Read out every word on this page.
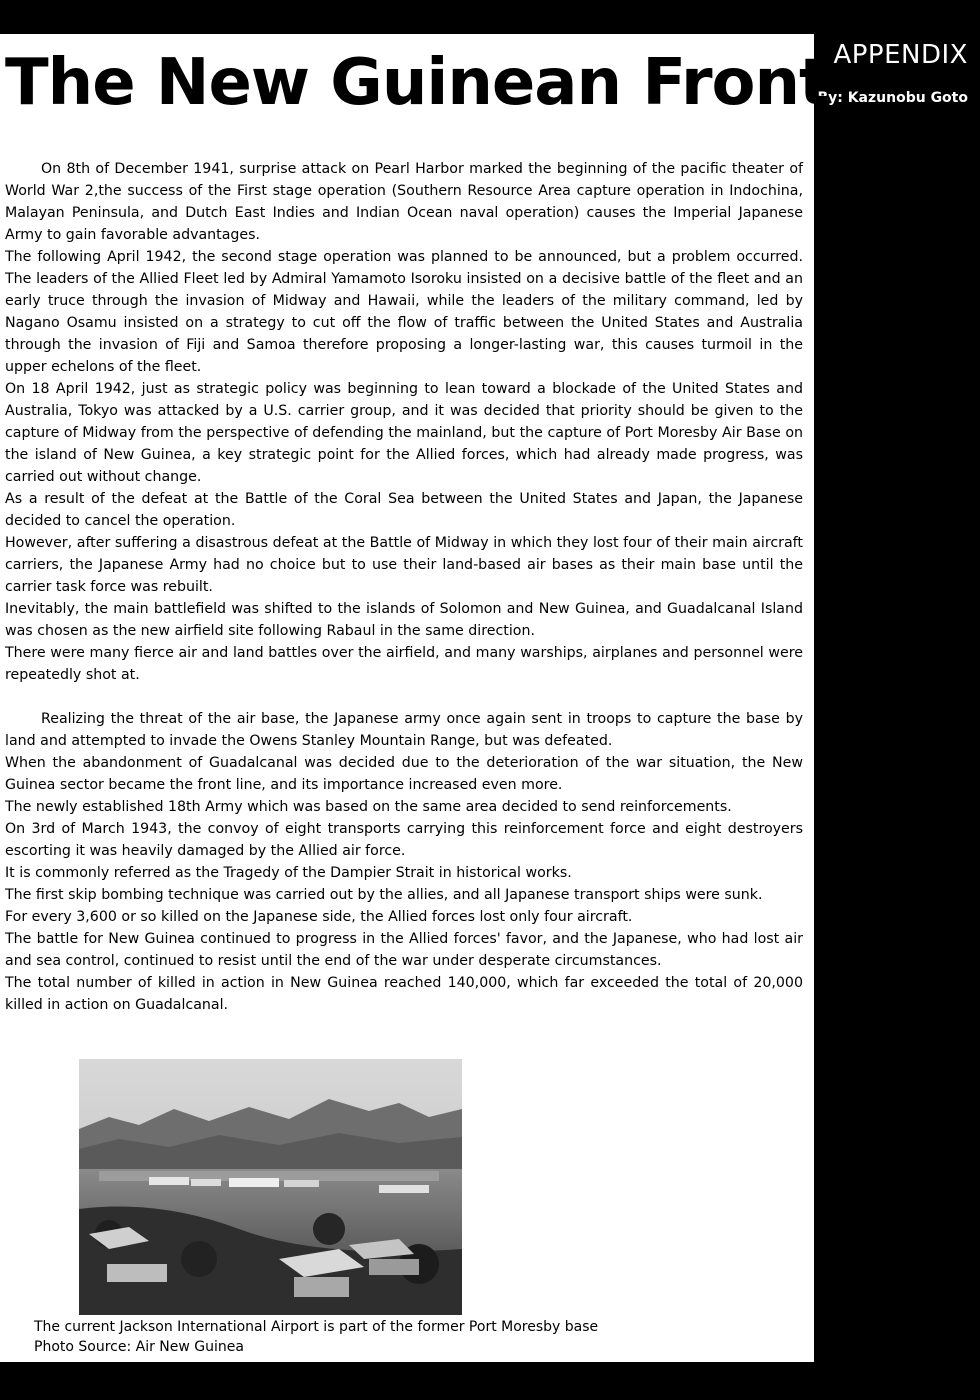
APPENDIX
By: Kazunobu Goto
The New Guinean Front

On 8th of December 1941, surprise attack on Pearl Harbor marked the beginning of the pacific theater of World War 2,the success of the First stage operation (Southern Resource Area capture operation in Indochina, Malayan Peninsula, and Dutch East Indies and Indian Ocean naval operation) causes the Imperial Japanese Army to gain favorable advantages.

The following April 1942, the second stage operation was planned to be announced, but a problem occurred. The leaders of the Allied Fleet led by Admiral Yamamoto Isoroku insisted on a decisive battle of the fleet and an early truce through the invasion of Midway and Hawaii, while the leaders of the military command, led by Nagano Osamu insisted on a strategy to cut off the flow of traffic between the United States and Australia through the invasion of Fiji and Samoa therefore proposing a longer-lasting war, this causes turmoil in the upper echelons of the fleet.

On 18 April 1942, just as strategic policy was beginning to lean toward a blockade of the United States and Australia, Tokyo was attacked by a U.S. carrier group, and it was decided that priority should be given to the capture of Midway from the perspective of defending the mainland, but the capture of Port Moresby Air Base on the island of New Guinea, a key strategic point for the Allied forces, which had already made progress, was carried out without change.

As a result of the defeat at the Battle of the Coral Sea between the United States and Japan, the Japanese decided to cancel the operation.

However, after suffering a disastrous defeat at the Battle of Midway in which they lost four of their main aircraft carriers, the Japanese Army had no choice but to use their land-based air bases as their main base until the carrier task force was rebuilt.

Inevitably, the main battlefield was shifted to the islands of Solomon and New Guinea, and Guadalcanal Island was chosen as the new airfield site following Rabaul in the same direction.

There were many fierce air and land battles over the airfield, and many warships, airplanes and personnel were repeatedly shot at.

Realizing the threat of the air base, the Japanese army once again sent in troops to capture the base by land and attempted to invade the Owens Stanley Mountain Range, but was defeated.

When the abandonment of Guadalcanal was decided due to the deterioration of the war situation, the New Guinea sector became the front line, and its importance increased even more.

The newly established 18th Army which was based on the same area decided to send reinforcements.

On 3rd of March 1943, the convoy of eight transports carrying this reinforcement force and eight destroyers escorting it was heavily damaged by the Allied air force.

It is commonly referred as the Tragedy of the Dampier Strait in historical works.

The first skip bombing technique was carried out by the allies, and all Japanese transport ships were sunk.

For every 3,600 or so killed on the Japanese side, the Allied forces lost only four aircraft.

The battle for New Guinea continued to progress in the Allied forces' favor, and the Japanese, who had lost air and sea control, continued to resist until the end of the war under desperate circumstances.

The total number of killed in action in New Guinea reached 140,000, which far exceeded the total of 20,000 killed in action on Guadalcanal.

The current Jackson International Airport is part of the former Port Moresby base
Photo Source: Air New Guinea
